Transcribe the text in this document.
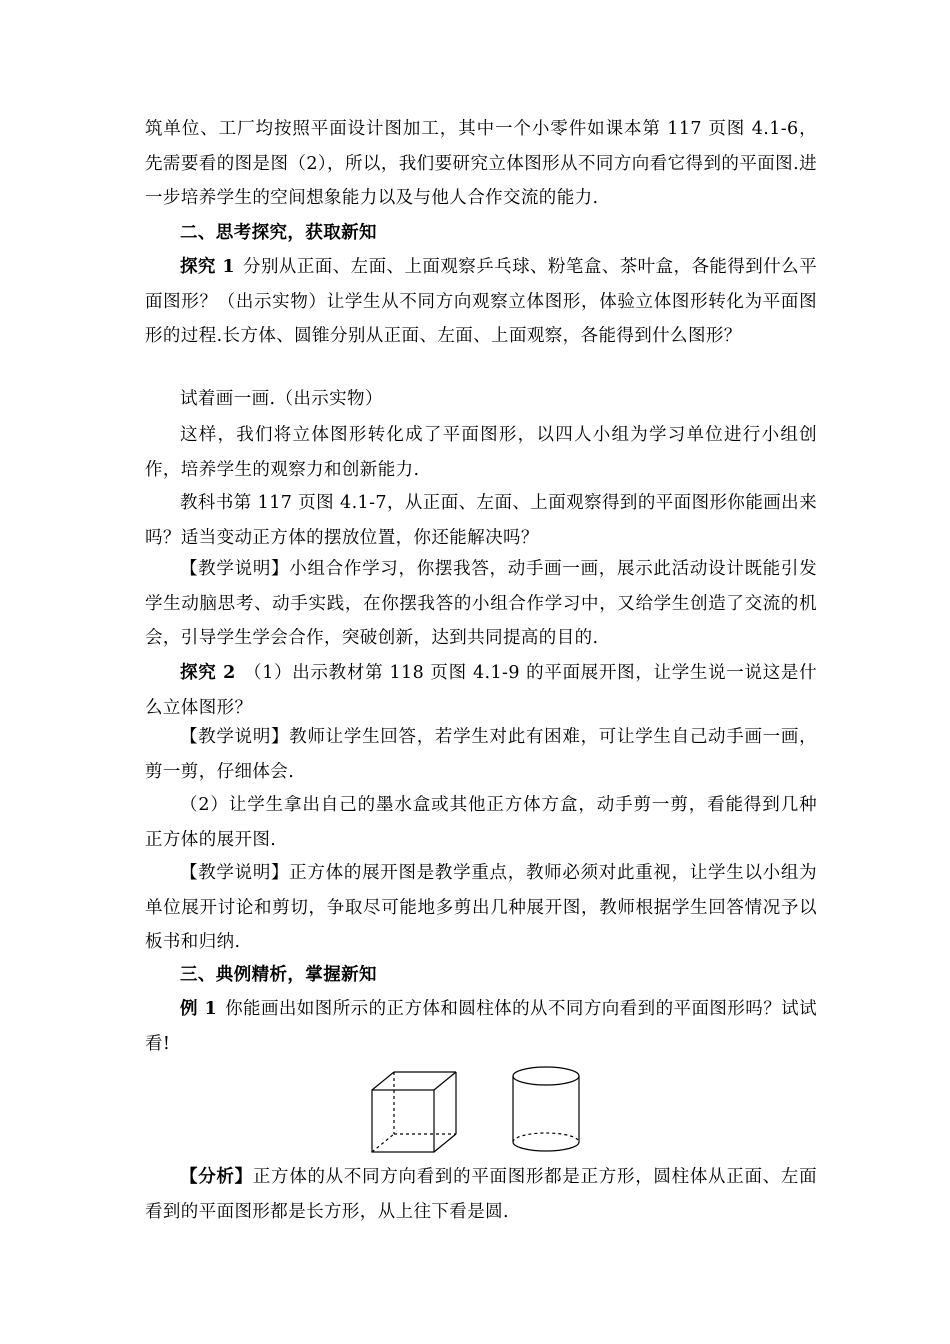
筑单位、工厂均按照平面设计图加工，其中一个小零件如课本第 117 页图 4.1-6，先需要看的图是图（2），所以，我们要研究立体图形从不同方向看它得到的平面图.进一步培养学生的空间想象能力以及与他人合作交流的能力.

二、思考探究，获取新知

探究 1 分别从正面、左面、上面观察乒乓球、粉笔盒、茶叶盒，各能得到什么平面图形？（出示实物）让学生从不同方向观察立体图形，体验立体图形转化为平面图形的过程.长方体、圆锥分别从正面、左面、上面观察，各能得到什么图形？

试着画一画.（出示实物）

这样，我们将立体图形转化成了平面图形，以四人小组为学习单位进行小组创作，培养学生的观察力和创新能力.

教科书第 117 页图 4.1-7，从正面、左面、上面观察得到的平面图形你能画出来吗？适当变动正方体的摆放位置，你还能解决吗？

【教学说明】小组合作学习，你摆我答，动手画一画，展示此活动设计既能引发学生动脑思考、动手实践，在你摆我答的小组合作学习中，又给学生创造了交流的机会，引导学生学会合作，突破创新，达到共同提高的目的.

探究 2 （1）出示教材第 118 页图 4.1-9 的平面展开图，让学生说一说这是什么立体图形？

【教学说明】教师让学生回答，若学生对此有困难，可让学生自己动手画一画，剪一剪，仔细体会.

（2）让学生拿出自己的墨水盒或其他正方体方盒，动手剪一剪，看能得到几种正方体的展开图.

【教学说明】正方体的展开图是教学重点，教师必须对此重视，让学生以小组为单位展开讨论和剪切，争取尽可能地多剪出几种展开图，教师根据学生回答情况予以板书和归纳.

三、典例精析，掌握新知

例 1 你能画出如图所示的正方体和圆柱体的从不同方向看到的平面图形吗？试试看!

【分析】正方体的从不同方向看到的平面图形都是正方形，圆柱体从正面、左面看到的平面图形都是长方形，从上往下看是圆.
